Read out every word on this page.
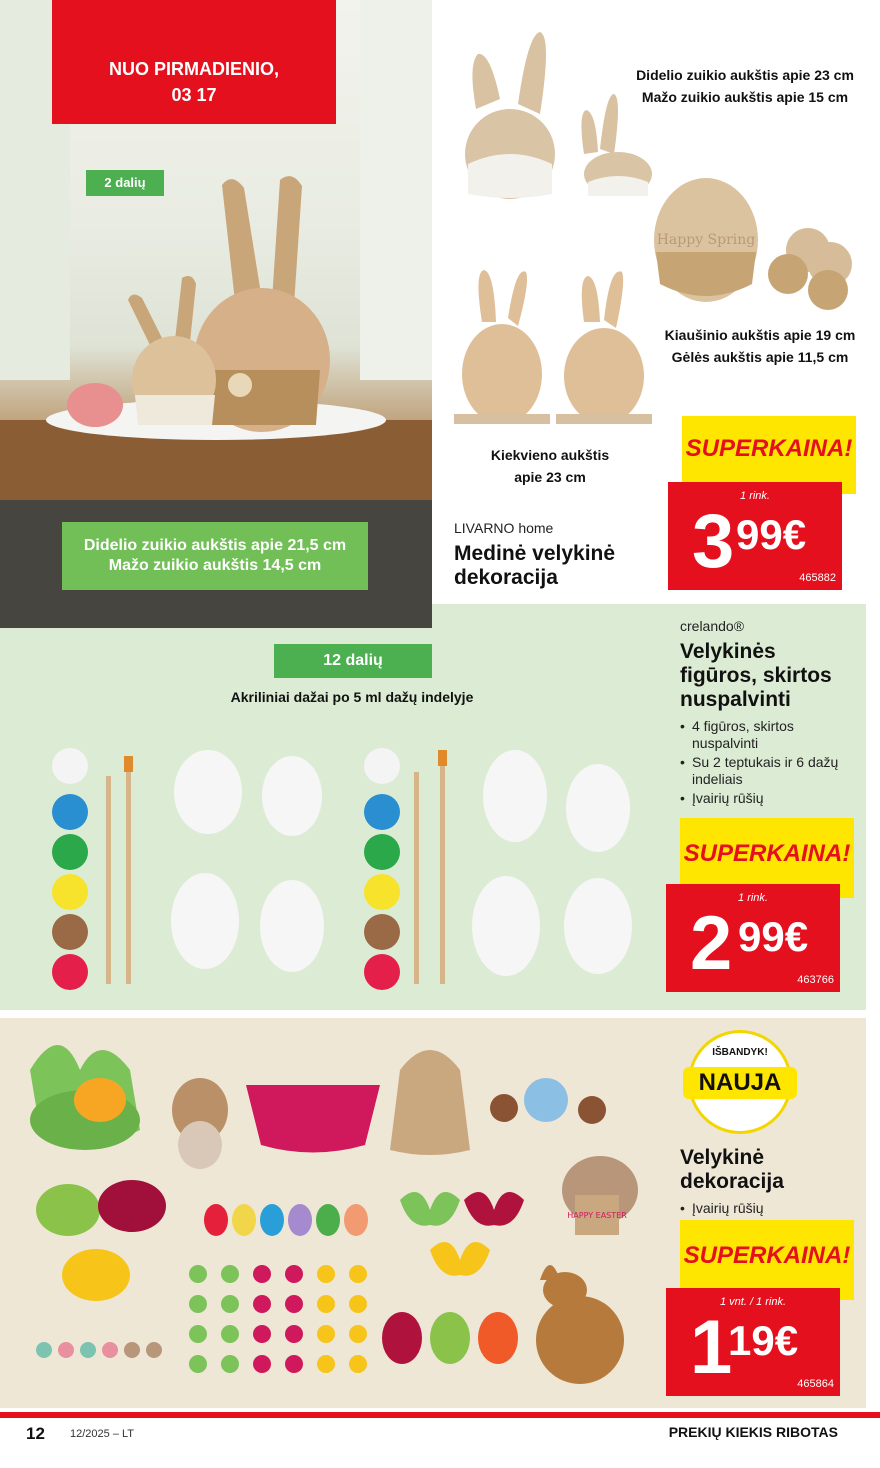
NUO PIRMADIENIO,
03 17
2 dalių
Didelio zuikio aukštis apie 21,5 cm
Mažo zuikio aukštis 14,5 cm
Didelio zuikio aukštis apie 23 cm
Mažo zuikio aukštis apie 15 cm
Happy Spring
Kiaušinio aukštis apie 19 cm
Gėlės aukštis apie 11,5 cm
Kiekvieno aukštis
apie 23 cm
LIVARNO home
Medinė velykinė
dekoracija
SUPERKAINA!
1 rink.
3 99€
465882
12 dalių
Akriliniai dažai po 5 ml dažų indelyje
crelando®
Velykinės
figūros, skirtos
nuspalvinti
• 4 figūros, skirtos nuspalvinti
• Su 2 teptukais ir 6 dažų indeliais
• Įvairių rūšių
SUPERKAINA!
1 rink.
2 99€
463766
HAPPY EASTER
IŠBANDYK!
NAUJA
Velykinė
dekoracija
• Įvairių rūšių
SUPERKAINA!
1 vnt. / 1 rink.
1
19€
465864
12 12/2025 – LT	PREKIŲ KIEKIS RIBOTAS
